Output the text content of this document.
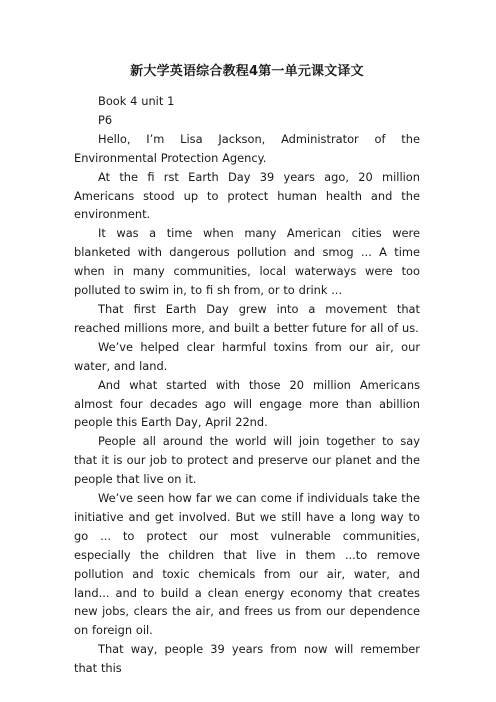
新大学英语综合教程4第一单元课文译文

Book 4 unit 1

P6

Hello, I’m Lisa Jackson, Administrator of the Environmental Protection Agency.

At the fi rst Earth Day 39 years ago, 20 million Americans stood up to protect human health and the environment.

It was a time when many American cities were blanketed with dangerous pollution and smog ... A time when in many communities, local waterways were too polluted to swim in, to fi sh from, or to drink ...

That first Earth Day grew into a movement that reached millions more, and built a better future for all of us.

We’ve helped clear harmful toxins from our air, our water, and land.

And what started with those 20 million Americans almost four decades ago will engage more than abillion people this Earth Day, April 22nd.

People all around the world will join together to say that it is our job to protect and preserve our planet and the people that live on it.

We’ve seen how far we can come if individuals take the initiative and get involved. But we still have a long way to go ... to protect our most vulnerable communities, especially the children that live in them ...to remove pollution and toxic chemicals from our air, water, and land... and to build a clean energy economy that creates new jobs, clears the air, and frees us from our dependence on foreign oil.

That way, people 39 years from now will remember that this
